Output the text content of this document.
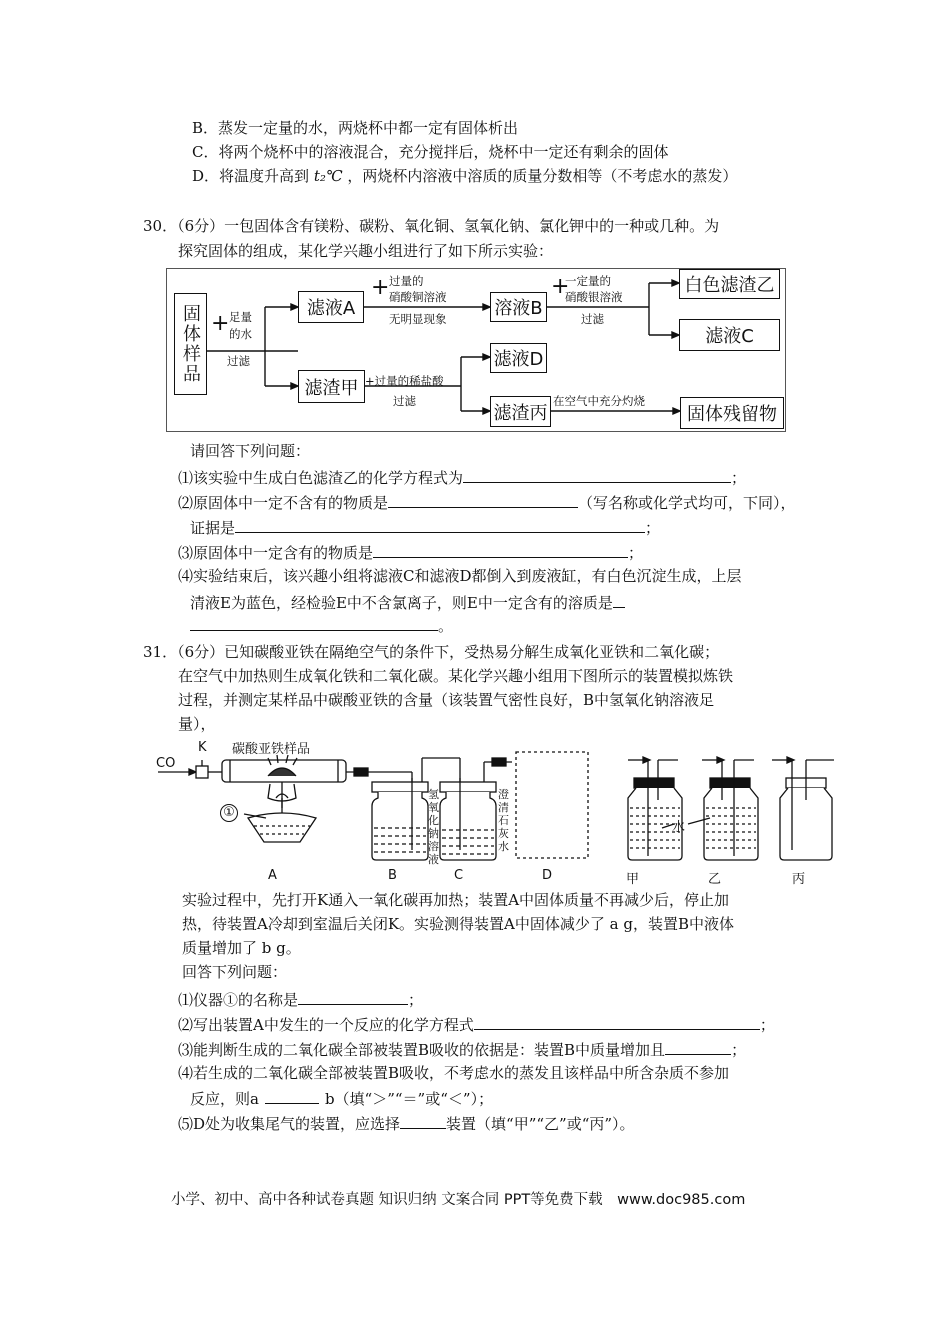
B．蒸发一定量的水，两烧杯中都一定有固体析出
C．将两个烧杯中的溶液混合，充分搅拌后，烧杯中一定还有剩余的固体
D．将温度升高到 t₂℃ ，两烧杯内溶液中溶质的质量分数相等（不考虑水的蒸发）
30．（6分）一包固体含有镁粉、碳粉、氧化铜、氢氧化钠、氯化钾中的一种或几种。为
探究固体的组成，某化学兴趣小组进行了如下所示实验：
固体样品 + 足量
的水
过滤
滤液A
+ 过量的
硝酸铜溶液
无明显现象	溶液B
+
一定量的
硝酸银溶液
过滤
白色滤渣乙
滤液C
滤渣甲 +过量的稀盐酸
过滤
滤液D
滤渣丙
在空气中充分灼烧
固体残留物
请回答下列问题：
⑴该实验中生成白色滤渣乙的化学方程式为	；
⑵原固体中一定不含有的物质是	（写名称或化学式均可，下同），
证据是	；
⑶原固体中一定含有的物质是	；
⑷实验结束后，该兴趣小组将滤液C和滤液D都倒入到废液缸，有白色沉淀生成，上层
清液E为蓝色，经检验E中不含氯离子，则E中一定含有的溶质是
。
31．（6分）已知碳酸亚铁在隔绝空气的条件下，受热易分解生成氧化亚铁和二氧化碳；
在空气中加热则生成氧化铁和二氧化碳。某化学兴趣小组用下图所示的装置模拟炼铁
过程，并测定某样品中碳酸亚铁的含量（该装置气密性良好，B中氢氧化钠溶液足
量），
CO
K 碳酸亚铁样品
①
氢氧化钠溶液
澄清石灰水
水
A	B	C	D	甲	乙	丙
实验过程中，先打开K通入一氧化碳再加热；装置A中固体质量不再减少后，停止加
热，待装置A冷却到室温后关闭K。实验测得装置A中固体减少了 a g，装置B中液体
质量增加了 b g。
回答下列问题：
⑴仪器①的名称是	；
⑵写出装置A中发生的一个反应的化学方程式	；
⑶能判断生成的二氧化碳全部被装置B吸收的依据是：装置B中质量增加且	；
⑷若生成的二氧化碳全部被装置B吸收，不考虑水的蒸发且该样品中所含杂质不参加
反应，则a	b（填“＞”“＝”或“＜”）；
⑸D处为收集尾气的装置，应选择	装置（填“甲”“乙”或“丙”）。
小学、初中、高中各种试卷真题 知识归纳 文案合同 PPT等免费下载　www.doc985.com
